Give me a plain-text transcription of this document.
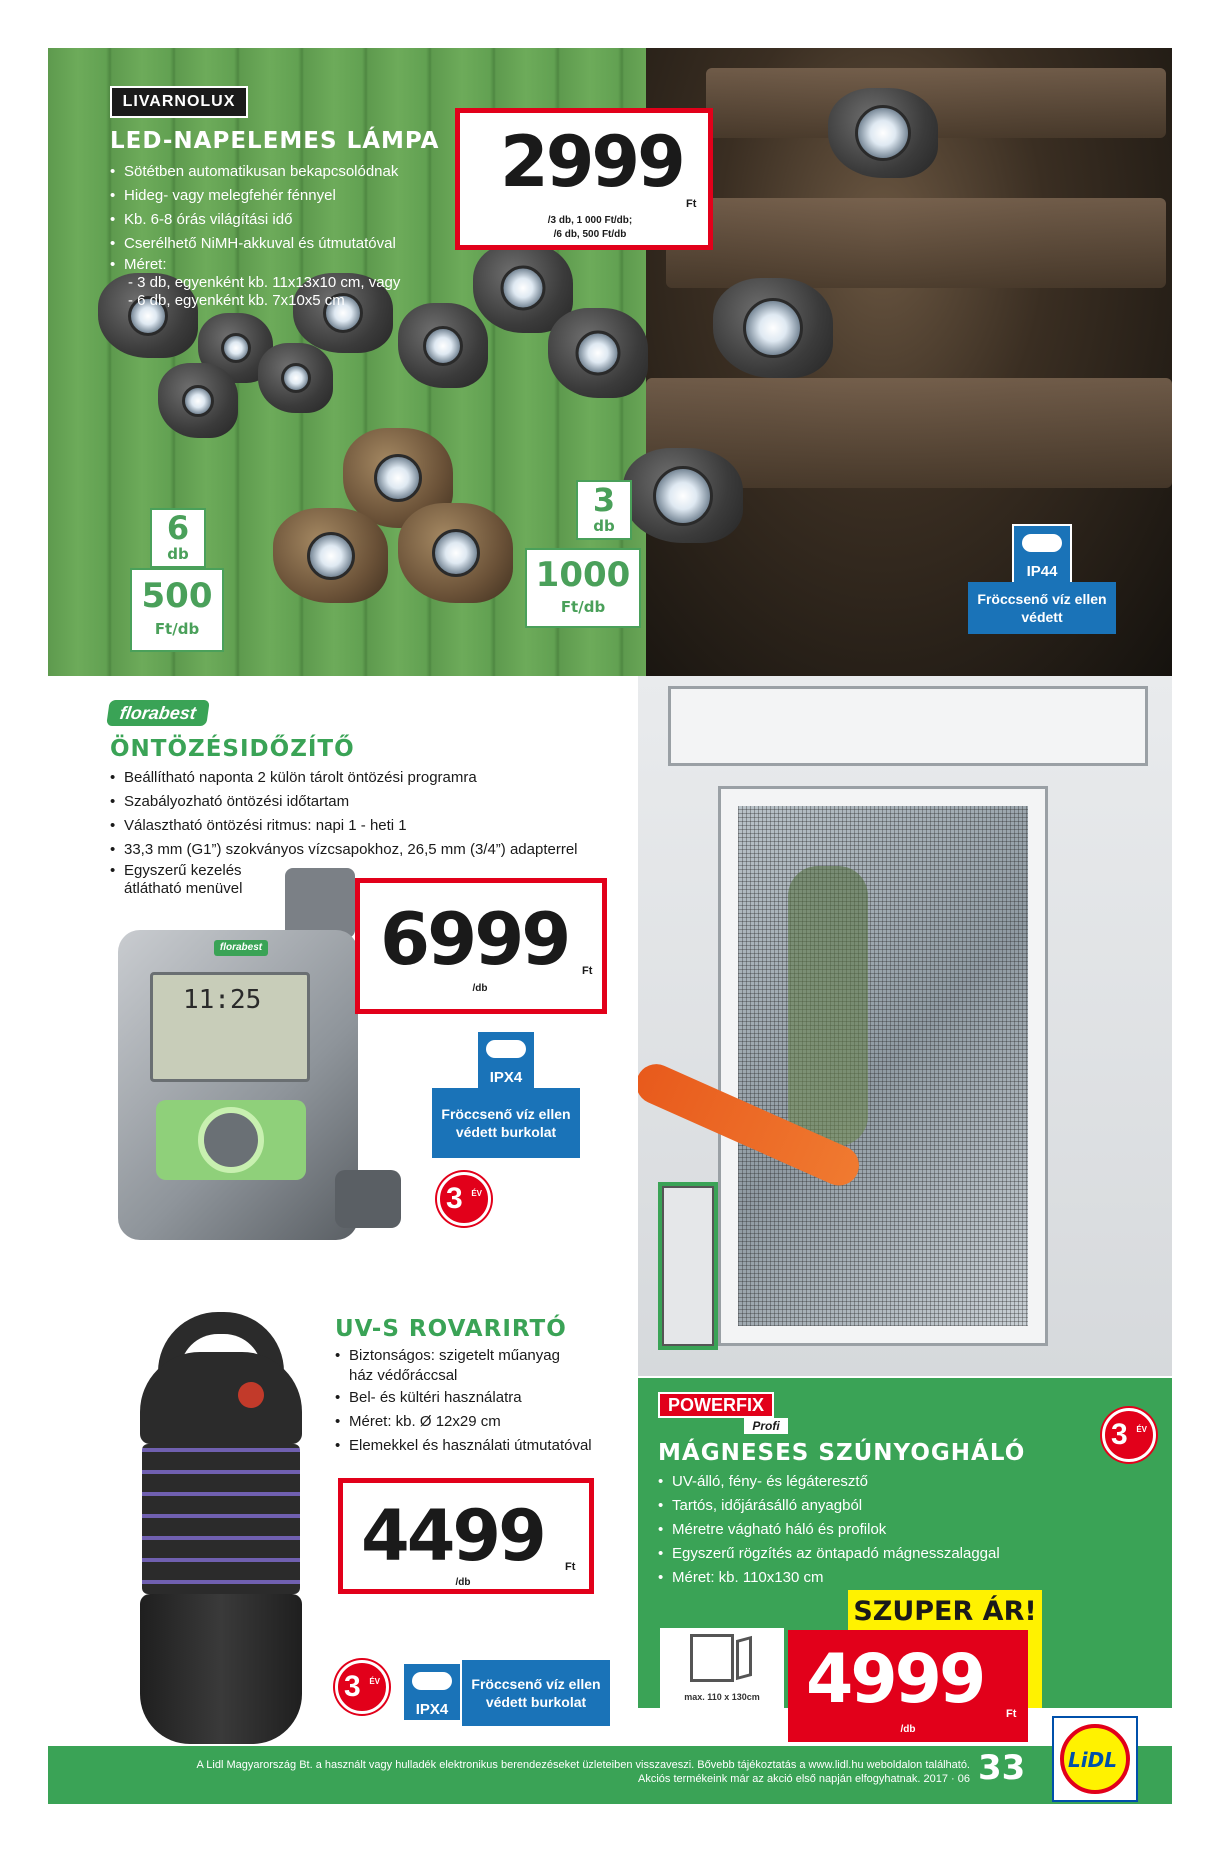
LIVARNOLUX
LED-NAPELEMES LÁMPA
• Sötétben automatikusan bekapcsolódnak
• Hideg- vagy melegfehér fénnyel
• Kb. 6-8 órás világítási idő
• Cserélhető NiMH-akkuval és útmutatóval
• Méret:
- 3 db, egyenként kb. 11x13x10 cm, vagy
- 6 db, egyenként kb. 7x10x5 cm
2999
Ft
/3 db, 1 000 Ft/db;
/6 db, 500 Ft/db
6
db
500
Ft/db
3
db
1000
Ft/db
IP44
Fröccsenő víz ellen védett
florabest
ÖNTÖZÉSIDŐZÍTŐ
• Beállítható naponta 2 külön tárolt öntözési programra
• Szabályozható öntözési időtartam
• Választható öntözési ritmus: napi 1 - heti 1
• 33,3 mm (G1”) szokványos vízcsapokhoz, 26,5 mm (3/4”) adapterrel
• Egyszerű kezelés
átlátható menüvel
florabest
11:25
6999 Ft
/db
IPX4
Fröccsenő víz ellen védett burkolat
3 ÉV
POWERFIX
Profi
MÁGNESES SZÚNYOGHÁLÓ
• UV-álló, fény- és légáteresztő
• Tartós, időjárásálló anyagból
• Méretre vágható háló és profilok
• Egyszerű rögzítés az öntapadó mágnesszalaggal
• Méret: kb. 110x130 cm
3 ÉV
SZUPER ÁR!
max. 110 x 130cm 4999 Ft
/db
UV-S ROVARIRTÓ
• Biztonságos: szigetelt műanyag
ház védőráccsal
• Bel- és kültéri használatra
• Méret: kb. Ø 12x29 cm
• Elemekkel és használati útmutatóval
4499 Ft
/db
3 ÉV
IPX4
Fröccsenő víz ellen védett burkolat
A Lidl Magyarország Bt. a használt vagy hulladék elektronikus berendezéseket üzleteiben visszaveszi. Bővebb tájékoztatás a www.lidl.hu weboldalon található.
Akciós termékeink már az akció első napján elfogyhatnak. 2017 · 06 33 LiDL
